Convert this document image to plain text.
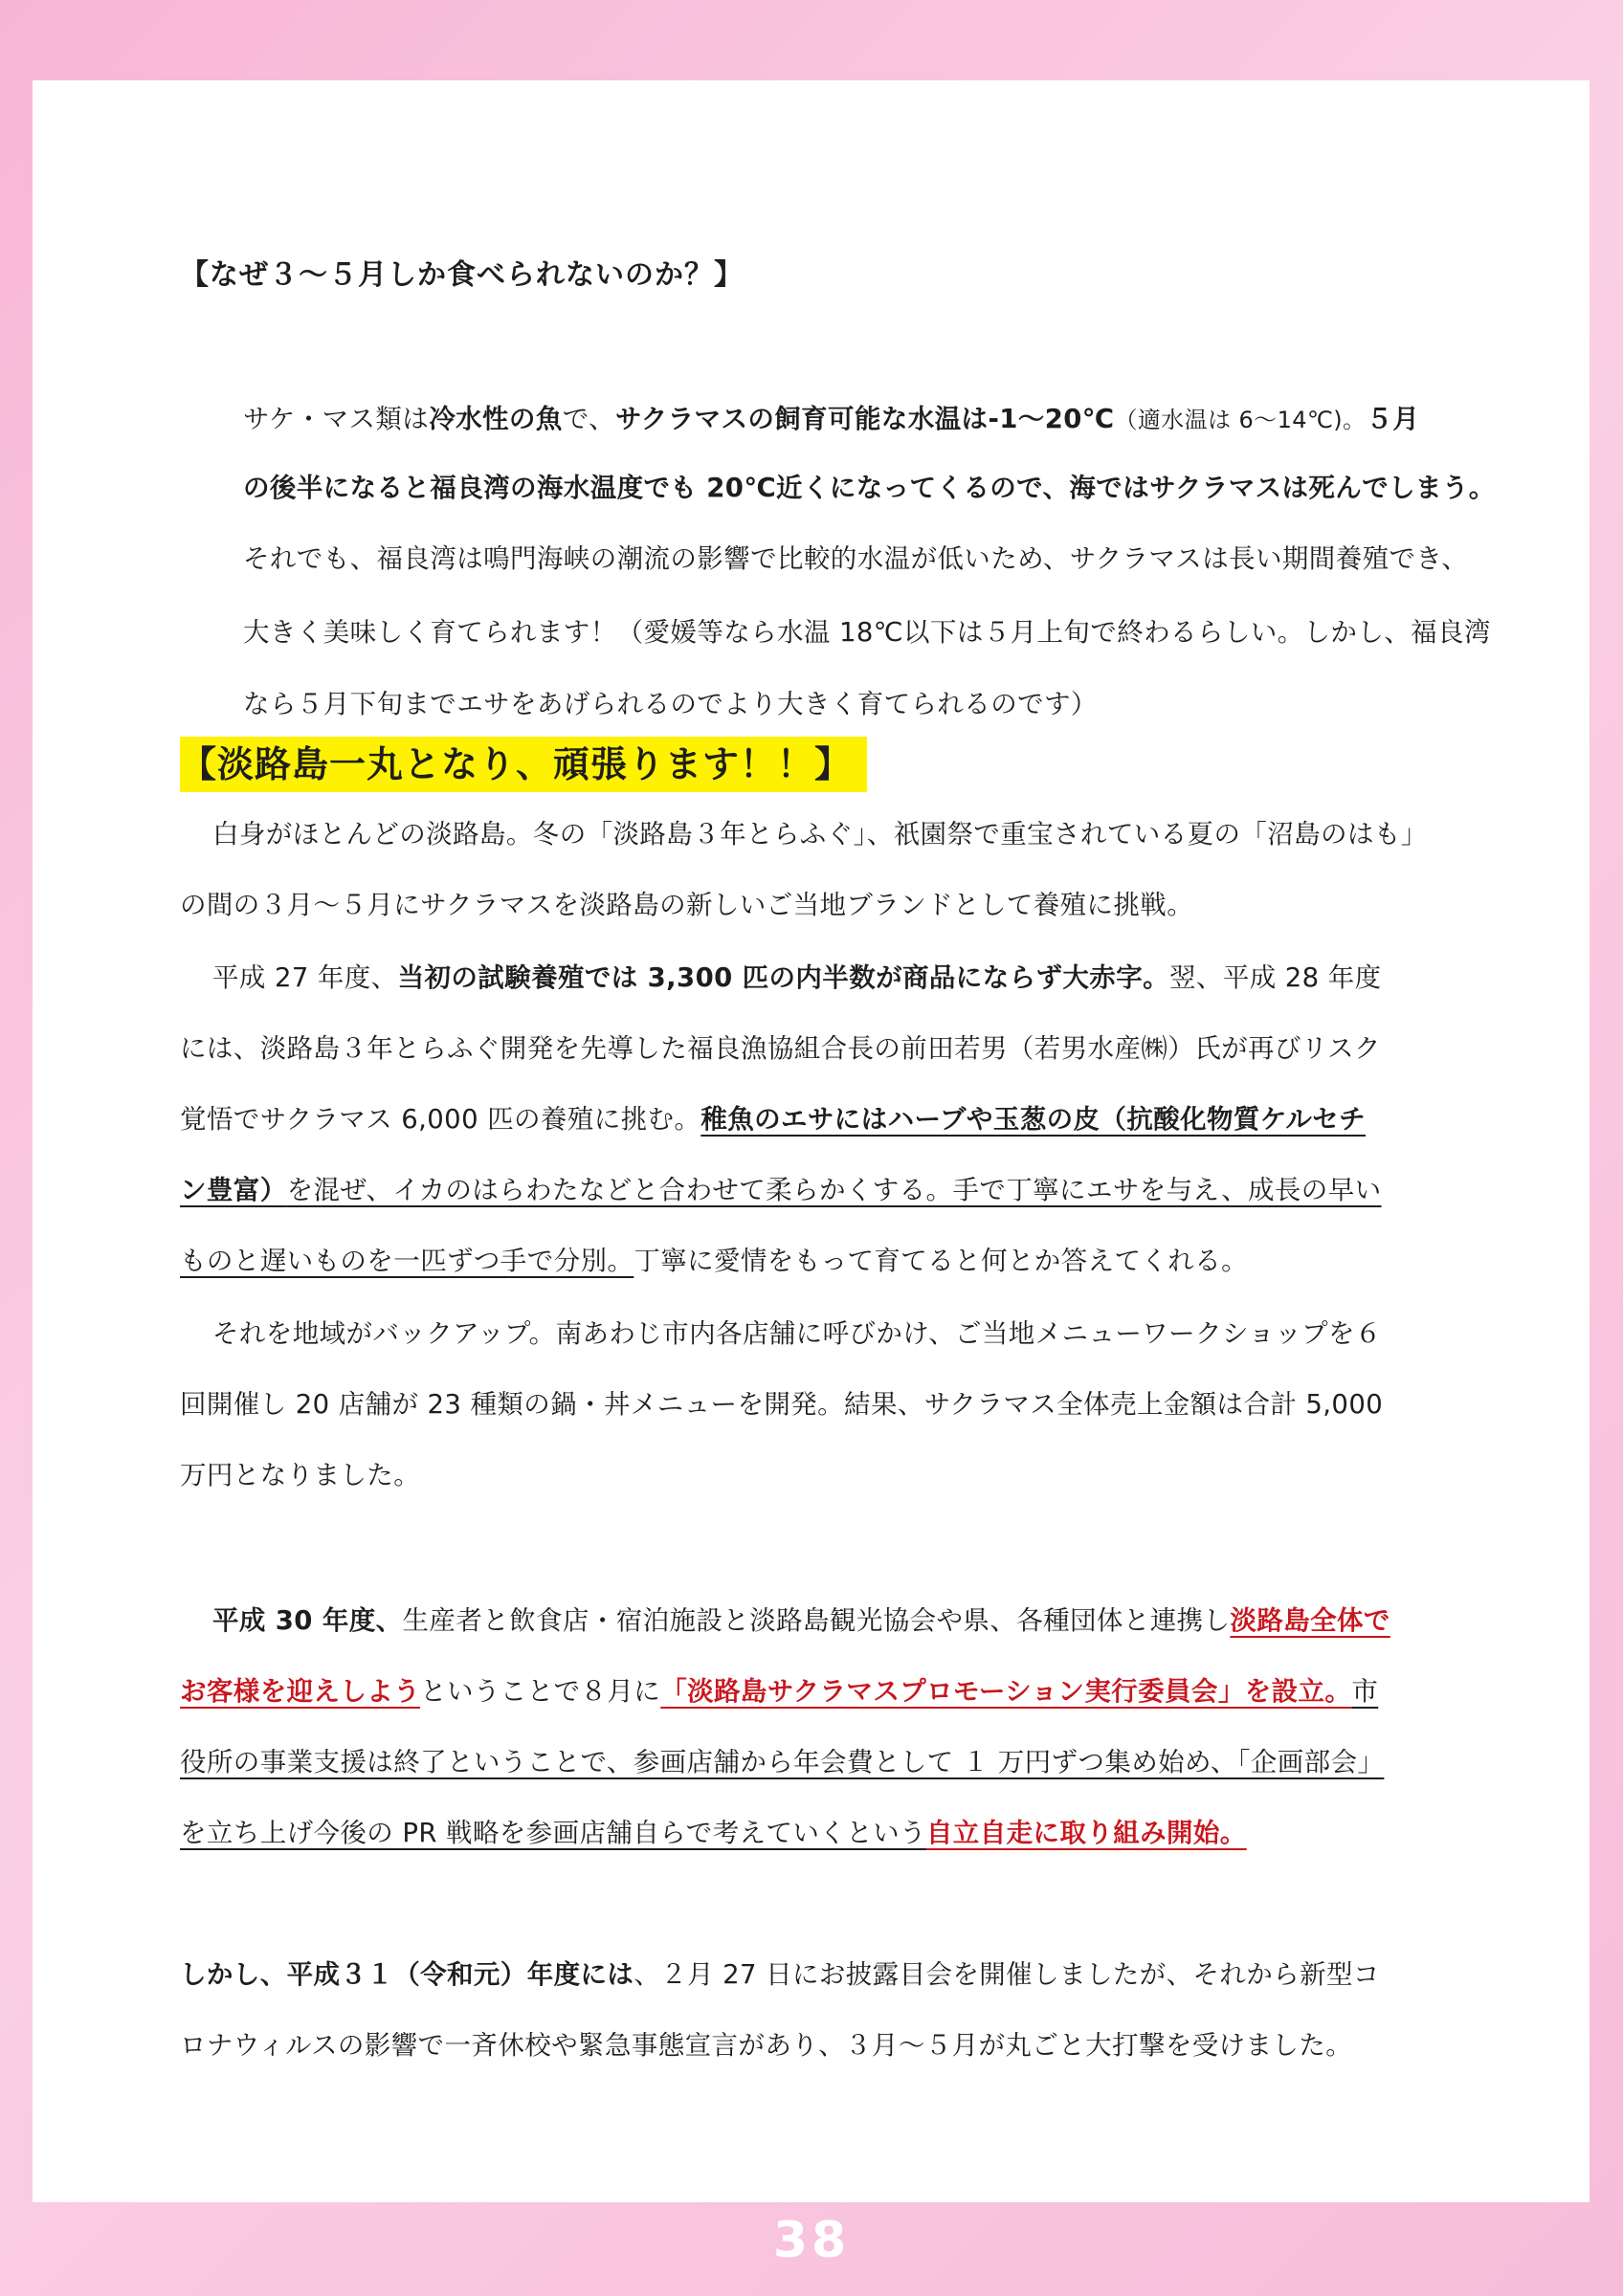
【なぜ３～５月しか食べられないのか？】
サケ・マス類は冷水性の魚で、サクラマスの飼育可能な水温は-1～20℃（適水温は 6～14℃)。５月
の後半になると福良湾の海水温度でも 20℃近くになってくるので、海ではサクラマスは死んでしまう。
それでも、福良湾は鳴門海峡の潮流の影響で比較的水温が低いため、サクラマスは長い期間養殖でき、
大きく美味しく育てられます！（愛媛等なら水温 18℃以下は５月上旬で終わるらしい。しかし、福良湾
なら５月下旬までエサをあげられるのでより大きく育てられるのです）
【淡路島一丸となり、頑張ります！！】
白身がほとんどの淡路島。冬の「淡路島３年とらふぐ」、祇園祭で重宝されている夏の「沼島のはも」
の間の３月～５月にサクラマスを淡路島の新しいご当地ブランドとして養殖に挑戦。
平成 27 年度、当初の試験養殖では 3,300 匹の内半数が商品にならず大赤字。翌、平成 28 年度
には、淡路島３年とらふぐ開発を先導した福良漁協組合長の前田若男（若男水産㈱）氏が再びリスク
覚悟でサクラマス 6,000 匹の養殖に挑む。稚魚のエサにはハーブや玉葱の皮（抗酸化物質ケルセチ
ン豊富）を混ぜ、イカのはらわたなどと合わせて柔らかくする。手で丁寧にエサを与え、成長の早い
ものと遅いものを一匹ずつ手で分別。丁寧に愛情をもって育てると何とか答えてくれる。
それを地域がバックアップ。南あわじ市内各店舗に呼びかけ、ご当地メニューワークショップを６
回開催し 20 店舗が 23 種類の鍋・丼メニューを開発。結果、サクラマス全体売上金額は合計 5,000
万円となりました。
平成 30 年度、生産者と飲食店・宿泊施設と淡路島観光協会や県、各種団体と連携し淡路島全体で
お客様を迎えしようということで８月に「淡路島サクラマスプロモーション実行委員会」を設立。市
役所の事業支援は終了ということで、参画店舗から年会費として １ 万円ずつ集め始め、「企画部会」
を立ち上げ今後の PR 戦略を参画店舗自らで考えていくという自立自走に取り組み開始。
しかし、平成３１（令和元）年度には、２月 27 日にお披露目会を開催しましたが、それから新型コ
ロナウィルスの影響で一斉休校や緊急事態宣言があり、３月～５月が丸ごと大打撃を受けました。
38
